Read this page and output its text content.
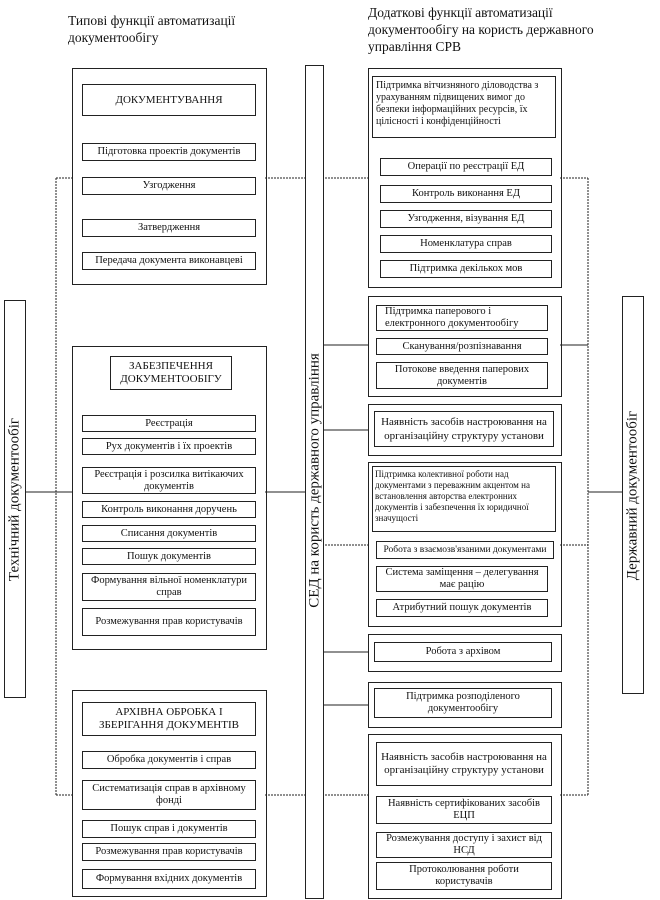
Типові функції автоматизації документообігу
Додаткові функції автоматизації документообігу на користь державного управління СРВ
Технічний документообіг	СЕД на користь державного управління	Державний документообіг
ДОКУМЕНТУВАННЯ
Підготовка проектів документів
Узгодження
Затвердження
Передача документа виконавцеві
ЗАБЕЗПЕЧЕННЯ ДОКУМЕНТООБІГУ
Реєстрація
Рух документів і їх проектів
Реєстрація і розсилка витікаючих документів
Контроль виконання доручень
Списання документів
Пошук документів
Формування вільної номенклатури справ
Розмежування прав користувачів
АРХІВНА ОБРОБКА І ЗБЕРІГАННЯ ДОКУМЕНТІВ
Обробка документів і справ
Систематизація справ в архівному фонді
Пошук справ і документів
Розмежування прав користувачів
Формування вхідних документів
Підтримка вітчизняного діловодства з урахуванням підвищених вимог до безпеки інформаційних ресурсів, їх цілісності і конфіденційності
Операції по реєстрації ЕД
Контроль виконання ЕД
Узгодження, візування ЕД
Номенклатура справ
Підтримка декількох мов
Підтримка паперового і електронного документообігу
Сканування/розпізнавання
Потокове введення паперових документів
Наявність засобів настроювання на організаційну структуру установи
Підтримка колективної роботи над документами з переважним акцентом на встановлення авторства електронних документів і забезпечення їх юридичної значущості
Робота з взаємозв'язаними документами
Система заміщення – делегування має рацію
Атрибутний пошук документів
Робота з архівом
Підтримка розподіленого документообігу
Наявність засобів настроювання на організаційну структуру установи
Наявність сертифікованих засобів ЕЦП
Розмежування доступу і захист від НСД
Протоколювання роботи користувачів
